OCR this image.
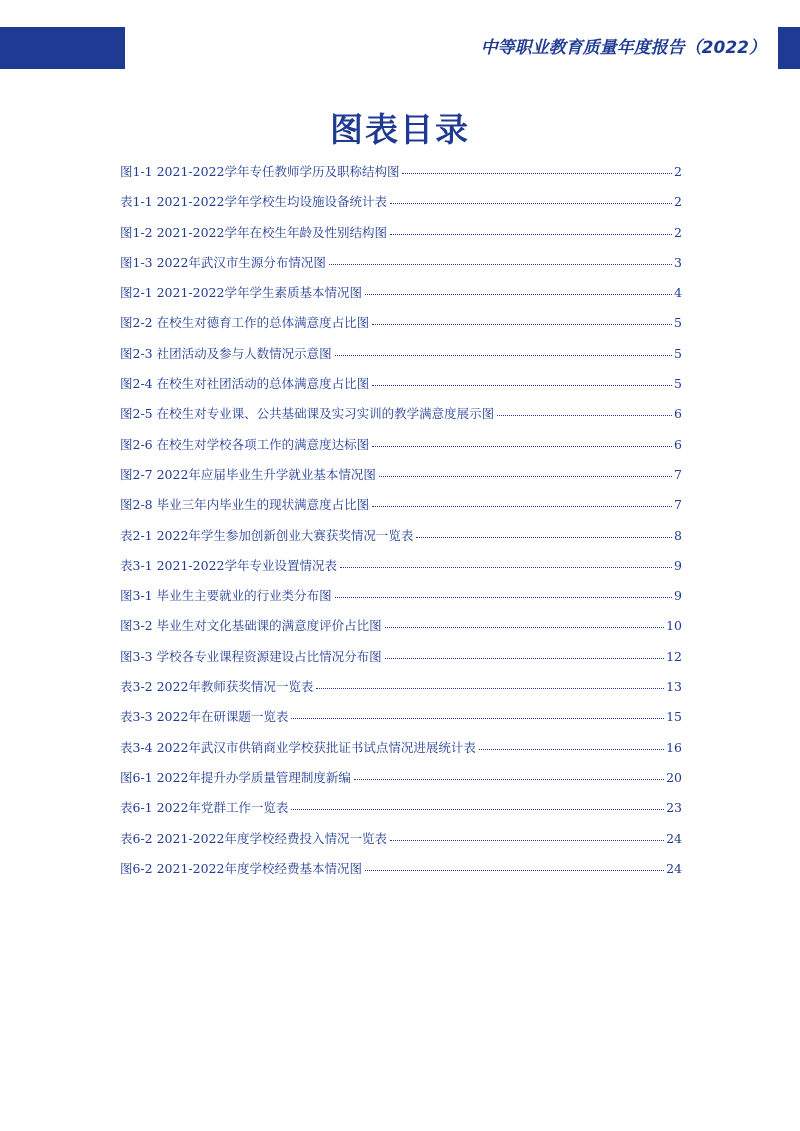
中等职业教育质量年度报告（2022）
图表目录
图1-1 2021-2022学年专任教师学历及职称结构图	2
表1-1 2021-2022学年学校生均设施设备统计表	2
图1-2 2021-2022学年在校生年龄及性别结构图	2
图1-3 2022年武汉市生源分布情况图	3
图2-1 2021-2022学年学生素质基本情况图	4
图2-2 在校生对德育工作的总体满意度占比图	5
图2-3 社团活动及参与人数情况示意图	5
图2-4 在校生对社团活动的总体满意度占比图	5
图2-5 在校生对专业课、公共基础课及实习实训的教学满意度展示图	6
图2-6 在校生对学校各项工作的满意度达标图	6
图2-7 2022年应届毕业生升学就业基本情况图	7
图2-8 毕业三年内毕业生的现状满意度占比图	7
表2-1 2022年学生参加创新创业大赛获奖情况一览表	8
表3-1 2021-2022学年专业设置情况表	9
图3-1 毕业生主要就业的行业类分布图	9
图3-2 毕业生对文化基础课的满意度评价占比图	10
图3-3 学校各专业课程资源建设占比情况分布图	12
表3-2 2022年教师获奖情况一览表	13
表3-3 2022年在研课题一览表	15
表3-4 2022年武汉市供销商业学校获批证书试点情况进展统计表	16
图6-1 2022年提升办学质量管理制度新编	20
表6-1 2022年党群工作一览表	23
表6-2 2021-2022年度学校经费投入情况一览表	24
图6-2 2021-2022年度学校经费基本情况图	24
